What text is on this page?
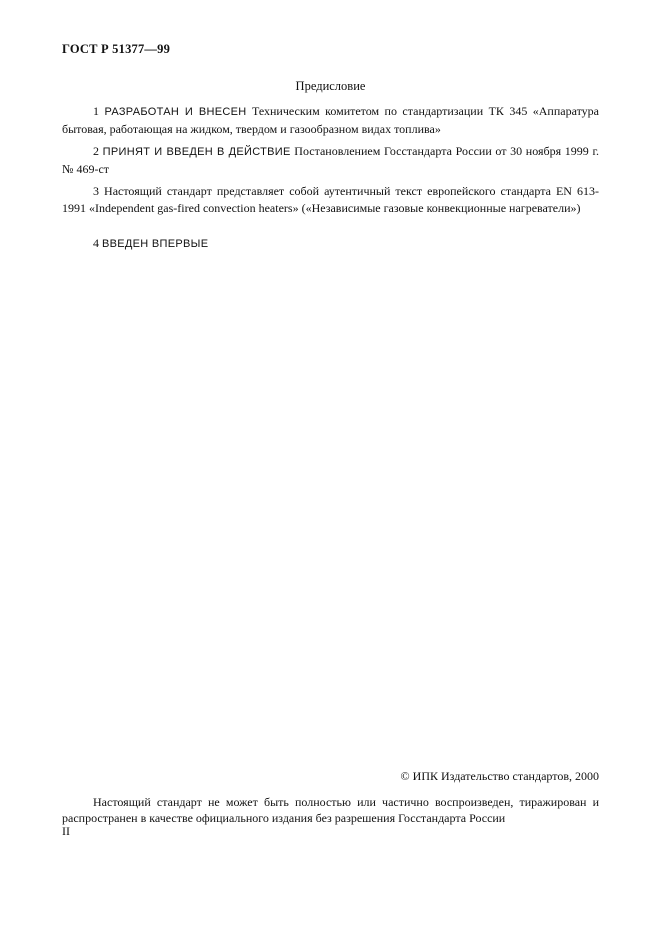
ГОСТ Р 51377—99
Предисловие
1 РАЗРАБОТАН И ВНЕСЕН Техническим комитетом по стандартизации ТК 345 «Аппаратура бытовая, работающая на жидком, твердом и газообразном видах топлива»
2 ПРИНЯТ И ВВЕДЕН В ДЕЙСТВИЕ Постановлением Госстандарта России от 30 ноября 1999 г. № 469-ст
3 Настоящий стандарт представляет собой аутентичный текст европейского стандарта EN 613-1991 «Independent gas-fired convection heaters» («Независимые газовые конвекционные нагреватели»)
4 ВВЕДЕН ВПЕРВЫЕ
© ИПК Издательство стандартов, 2000
Настоящий стандарт не может быть полностью или частично воспроизведен, тиражирован и распространен в качестве официального издания без разрешения Госстандарта России
II
